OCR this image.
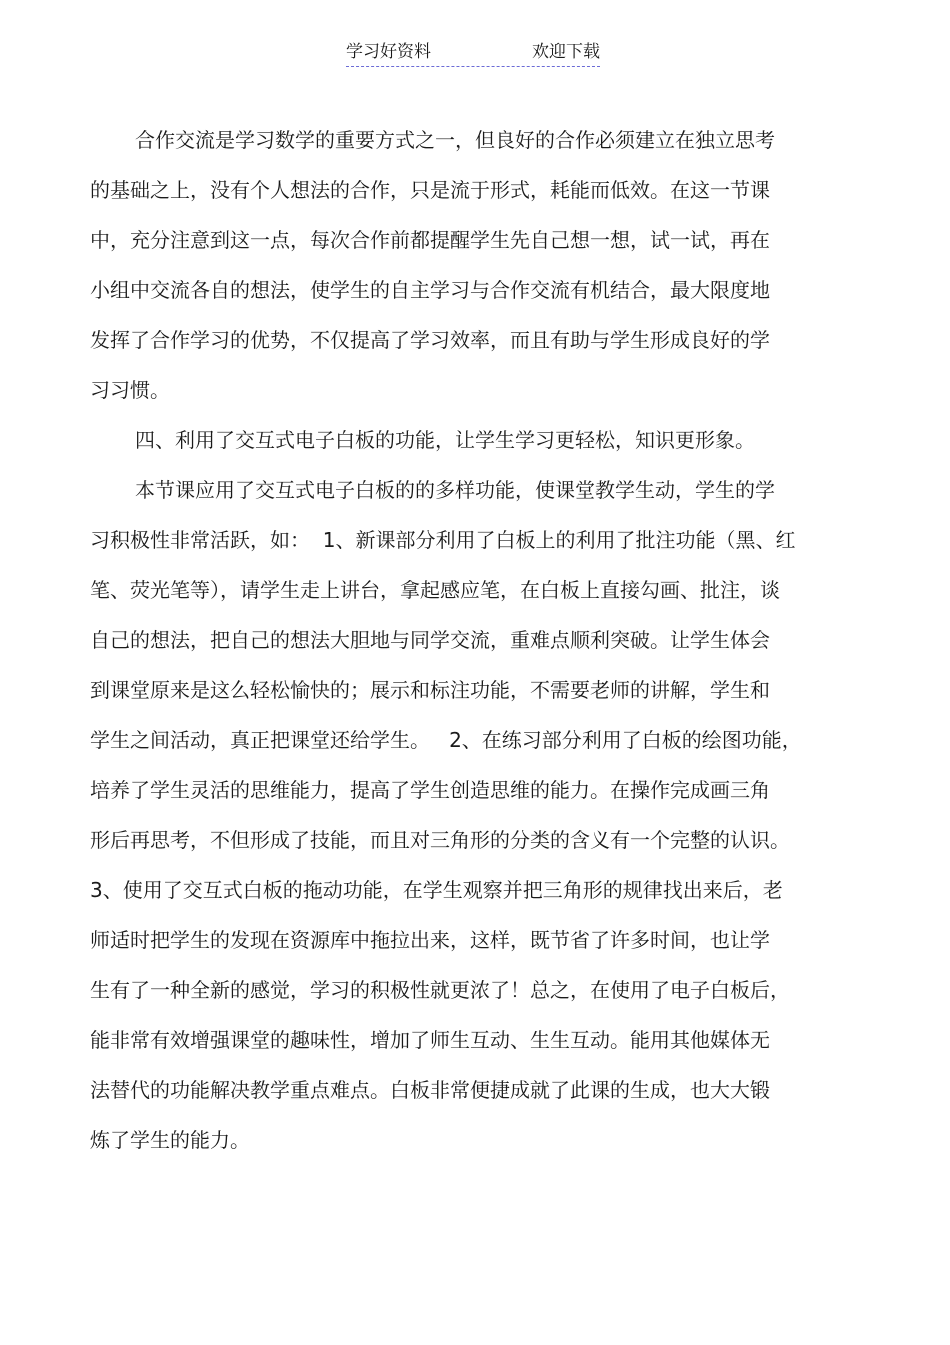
学习好资料	欢迎下载
合作交流是学习数学的重要方式之一，但良好的合作必须建立在独立思考
的基础之上，没有个人想法的合作，只是流于形式，耗能而低效。在这一节课
中，充分注意到这一点，每次合作前都提醒学生先自己想一想，试一试，再在
小组中交流各自的想法，使学生的自主学习与合作交流有机结合，最大限度地
发挥了合作学习的优势，不仅提高了学习效率，而且有助与学生形成良好的学
习习惯。
四、利用了交互式电子白板的功能，让学生学习更轻松，知识更形象。
本节课应用了交互式电子白板的的多样功能，使课堂教学生动，学生的学
习积极性非常活跃，如：  1、新课部分利用了白板上的利用了批注功能（黑、红
笔、荧光笔等），请学生走上讲台，拿起感应笔，在白板上直接勾画、批注，谈
自己的想法，把自己的想法大胆地与同学交流，重难点顺利突破。让学生体会
到课堂原来是这么轻松愉快的；展示和标注功能，不需要老师的讲解，学生和
学生之间活动，真正把课堂还给学生。   2、在练习部分利用了白板的绘图功能，
培养了学生灵活的思维能力，提高了学生创造思维的能力。在操作完成画三角
形后再思考，不但形成了技能，而且对三角形的分类的含义有一个完整的认识。
3、使用了交互式白板的拖动功能，在学生观察并把三角形的规律找出来后，老
师适时把学生的发现在资源库中拖拉出来，这样，既节省了许多时间，也让学
生有了一种全新的感觉，学习的积极性就更浓了！总之，在使用了电子白板后，
能非常有效增强课堂的趣味性，增加了师生互动、生生互动。能用其他媒体无
法替代的功能解决教学重点难点。白板非常便捷成就了此课的生成，也大大锻
炼了学生的能力。
